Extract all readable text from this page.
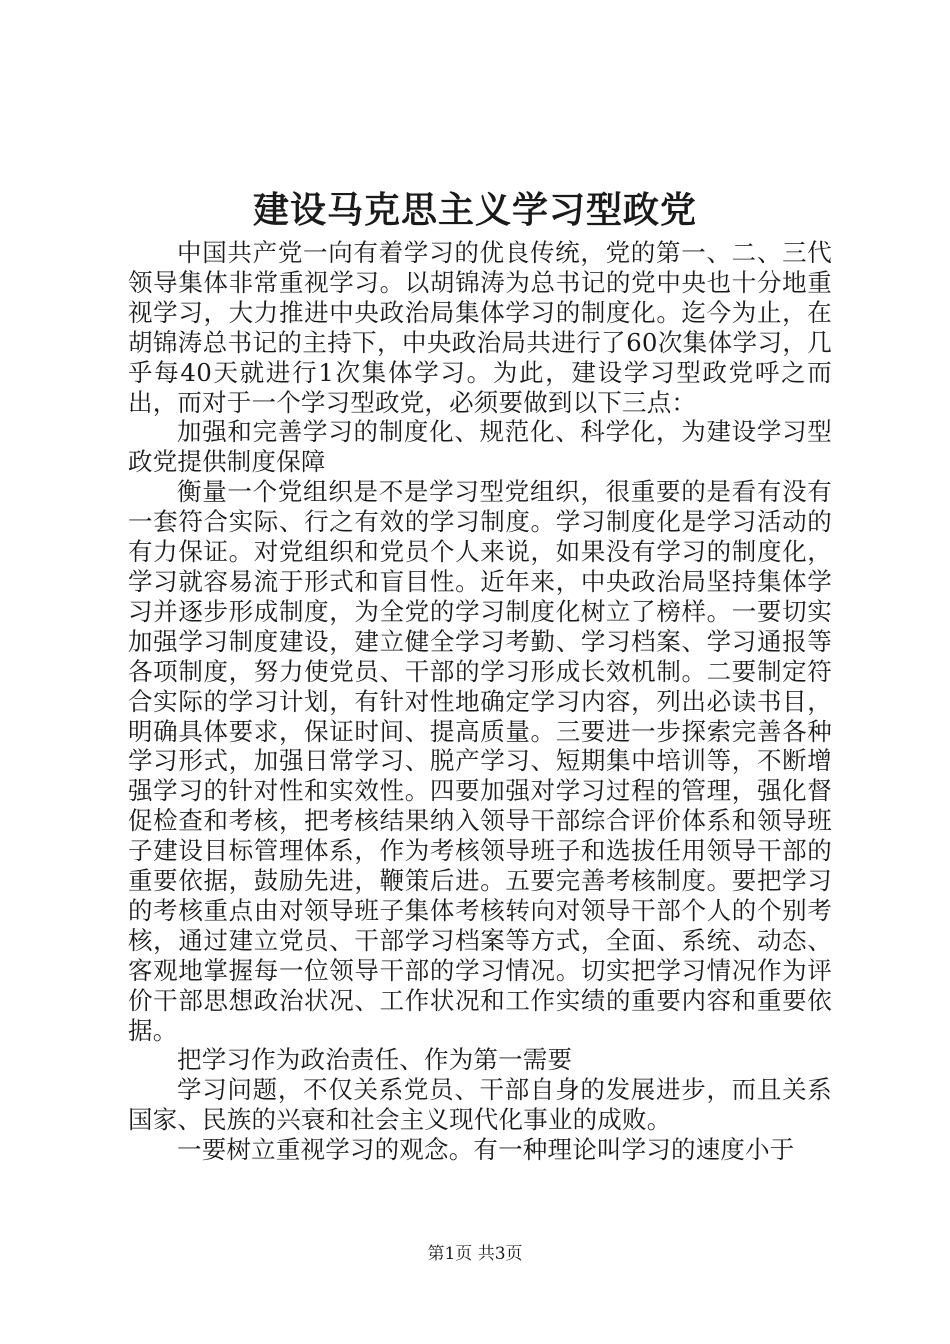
建设马克思主义学习型政党

中国共产党一向有着学习的优良传统，党的第一、二、三代领导集体非常重视学习。以胡锦涛为总书记的党中央也十分地重视学习，大力推进中央政治局集体学习的制度化。迄今为止，在胡锦涛总书记的主持下，中央政治局共进行了60次集体学习，几乎每40天就进行1次集体学习。为此，建设学习型政党呼之而出，而对于一个学习型政党，必须要做到以下三点：

加强和完善学习的制度化、规范化、科学化，为建设学习型政党提供制度保障

衡量一个党组织是不是学习型党组织，很重要的是看有没有一套符合实际、行之有效的学习制度。学习制度化是学习活动的有力保证。对党组织和党员个人来说，如果没有学习的制度化，学习就容易流于形式和盲目性。近年来，中央政治局坚持集体学习并逐步形成制度，为全党的学习制度化树立了榜样。一要切实加强学习制度建设，建立健全学习考勤、学习档案、学习通报等各项制度，努力使党员、干部的学习形成长效机制。二要制定符合实际的学习计划，有针对性地确定学习内容，列出必读书目，明确具体要求，保证时间、提高质量。三要进一步探索完善各种学习形式，加强日常学习、脱产学习、短期集中培训等，不断增强学习的针对性和实效性。四要加强对学习过程的管理，强化督促检查和考核，把考核结果纳入领导干部综合评价体系和领导班子建设目标管理体系，作为考核领导班子和选拔任用领导干部的重要依据，鼓励先进，鞭策后进。五要完善考核制度。要把学习的考核重点由对领导班子集体考核转向对领导干部个人的个别考核，通过建立党员、干部学习档案等方式，全面、系统、动态、客观地掌握每一位领导干部的学习情况。切实把学习情况作为评价干部思想政治状况、工作状况和工作实绩的重要内容和重要依据。

把学习作为政治责任、作为第一需要

学习问题，不仅关系党员、干部自身的发展进步，而且关系国家、民族的兴衰和社会主义现代化事业的成败。

一要树立重视学习的观念。有一种理论叫学习的速度小于

第1页 共3页
